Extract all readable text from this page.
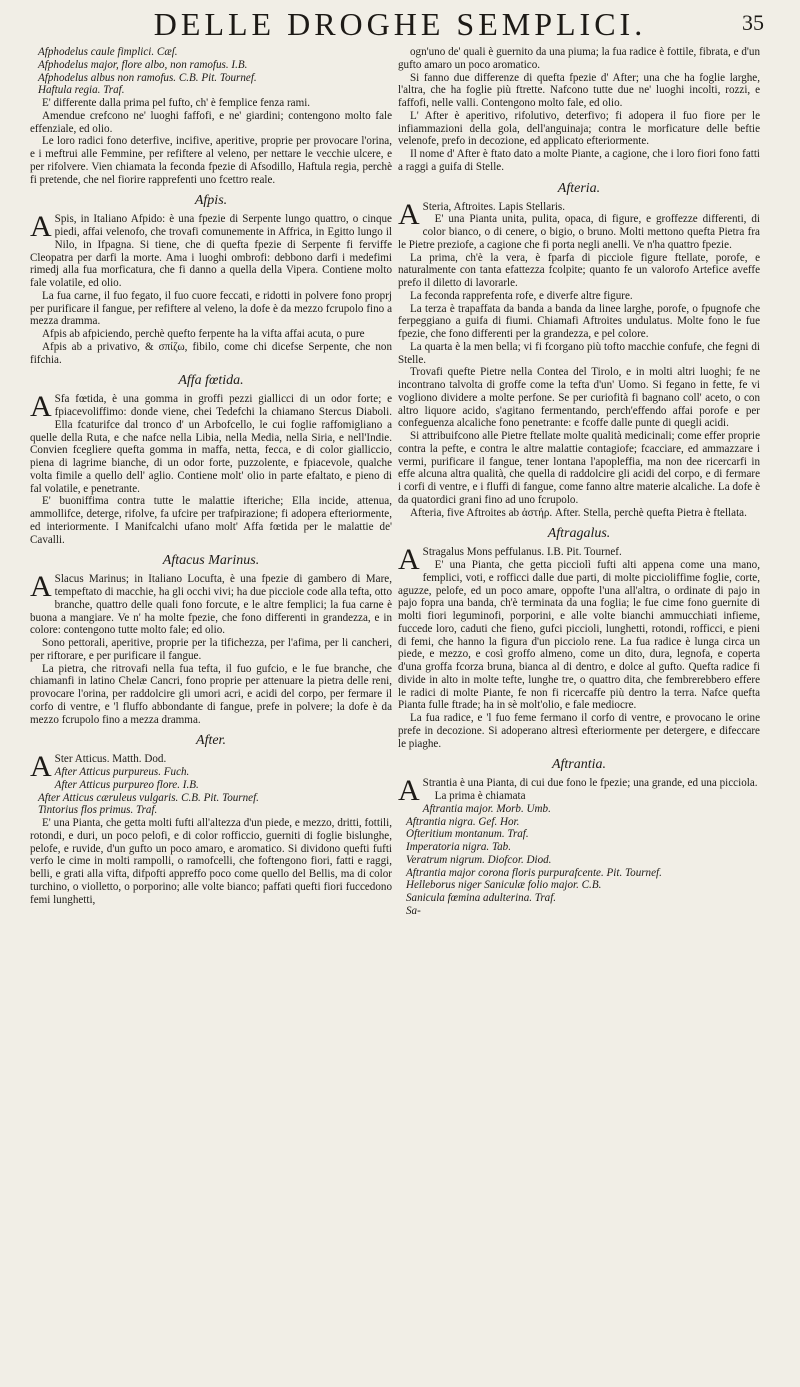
DELLE DROGHE SEMPLICI.	35

Afphodelus caule fimplici. Cæſ.

Afphodelus major, flore albo, non ramofus. I.B.

Afphodelus albus non ramofus. C.B. Pit. Tournef.

Haftula regia. Traf.

E' differente dalla prima pel fufto, ch' è femplice fenza rami.

Amendue crefcono ne' luoghi faffofi, e ne' giardini; contengono molto fale effenziale, ed olio.

Le loro radici fono deterfive, incifive, aperitive, proprie per provocare l'orina, e i meftrui alle Femmine, per refiftere al veleno, per nettare le vecchie ulcere, e per rifolvere. Vien chiamata la feconda fpezie di Afsodillo, Haftula regia, perchè fi pretende, che nel fiorire rapprefenti uno fcettro reale.

Afpis.

ASpis, in Italiano Afpido: è una fpezie di Serpente lungo quattro, o cinque piedi, affai velenofo, che trovafi comunemente in Affrica, in Egitto lungo il Nilo, in Ifpagna. Si tiene, che di quefta fpezie di Serpente fi ferviffe Cleopatra per darfi la morte. Ama i luoghi ombrofi: debbono darfi i medefimi rimedj alla fua morficatura, che fi danno a quella della Vipera. Contiene molto fale volatile, ed olio.

La fua carne, il fuo fegato, il fuo cuore feccati, e ridotti in polvere fono proprj per purificare il fangue, per refiftere al veleno, la dofe è da mezzo fcrupolo fino a mezza dramma.

Afpis ab afpiciendo, perchè quefto ferpente ha la vifta affai acuta, o pure

Afpis ab a privativo, & σπίζω, fibilo, come chi dicefse Serpente, che non fifchia.

Affa fœtida.

ASfa fœtida, è una gomma in groffi pezzi giallicci di un odor forte; e fpiacevoliffimo: donde viene, chei Tedefchi la chiamano Stercus Diaboli. Ella fcaturifce dal tronco d' un Arbofcello, le cui foglie raffomigliano a quelle della Ruta, e che nafce nella Libia, nella Media, nella Siria, e nell'Indie. Convien fcegliere quefta gomma in maffa, netta, fecca, e di color gialliccio, piena di lagrime bianche, di un odor forte, puzzolente, e fpiacevole, qualche volta fimile a quello dell' aglio. Contiene molt' olio in parte efaltato, e pieno di fal volatile, e penetrante.

E' buoniffima contra tutte le malattie ifteriche; Ella incide, attenua, ammollifce, deterge, rifolve, fa ufcire per trafpirazione; fi adopera efteriormente, ed interiormente. I Manifcalchi ufano molt' Affa fœtida per le malattie de' Cavalli.

Aftacus Marinus.

ASlacus Marinus; in Italiano Locufta, è una fpezie di gambero di Mare, tempeftato di macchie, ha gli occhi vivi; ha due picciole code alla tefta, otto branche, quattro delle quali fono forcute, e le altre femplici; la fua carne è buona a mangiare. Ve n' ha molte fpezie, che fono differenti in grandezza, e in colore: contengono tutte molto fale; ed olio.

Sono pettorali, aperitive, proprie per la tifichezza, per l'afima, per li cancheri, per riftorare, e per purificare il fangue.

La pietra, che ritrovafi nella fua tefta, il fuo gufcio, e le fue branche, che chiamanfi in latino Chelæ Cancri, fono proprie per attenuare la pietra delle reni, provocare l'orina, per raddolcire gli umori acri, e acidi del corpo, per fermare il corfo di ventre, e 'l fluffo abbondante di fangue, prefe in polvere; la dofe è da mezzo fcrupolo fino a mezza dramma.

After.

ASter Atticus. Matth. Dod.

After Atticus purpureus. Fuch.

After Atticus purpureo flore. I.B.

After Atticus cæruleus vulgaris. C.B. Pit. Tournef.

Tintorius flos primus. Traf.

E' una Pianta, che getta molti fufti all'altezza d'un piede, e mezzo, dritti, fottili, rotondi, e duri, un poco pelofi, e di color rofficcio, guerniti di foglie bislunghe, pelofe, e ruvide, d'un gufto un poco amaro, e aromatico. Si dividono quefti fufti verfo le cime in molti rampolli, o ramofcelli, che foftengono fiori, fatti e raggi, belli, e grati alla vifta, difpofti appreffo poco come quello del Bellis, ma di color turchino, o violletto, o porporino; alle volte bianco; paffati quefti fiori fuccedono femi lunghetti,

ogn'uno de' quali è guernito da una piuma; la fua radice è fottile, fibrata, e d'un gufto amaro un poco aromatico.

Si fanno due differenze di quefta fpezie d' After; una che ha foglie larghe, l'altra, che ha foglie più ftrette. Nafcono tutte due ne' luoghi incolti, rozzi, e faffofi, nelle valli. Contengono molto fale, ed olio.

L' After è aperitivo, rifolutivo, deterfivo; fi adopera il fuo fiore per le infiammazioni della gola, dell'anguinaja; contra le morficature delle beftie velenofe, prefo in decozione, ed applicato efteriormente.

Il nome d' After è ftato dato a molte Piante, a cagione, che i loro fiori fono fatti a raggi a guifa di Stelle.

Afteria.

ASteria, Aftroites. Lapis Stellaris.

E' una Pianta unita, pulita, opaca, di figure, e groffezze differenti, di color bianco, o di cenere, o bigio, o bruno. Molti mettono quefta Pietra fra le Pietre preziofe, a cagione che fi porta negli anelli. Ve n'ha quattro fpezie.

La prima, ch'è la vera, è fparfa di picciole figure ftellate, porofe, e naturalmente con tanta efattezza fcolpite; quanto fe un valorofo Artefice aveffe prefo il diletto di lavorarle.

La feconda rapprefenta rofe, e diverfe altre figure.

La terza è trapaffata da banda a banda da linee larghe, porofe, o fpugnofe che ferpeggiano a guifa di fiumi. Chiamafi Aftroites undulatus. Molte fono le fue fpezie, che fono differenti per la grandezza, e pel colore.

La quarta è la men bella; vi fi fcorgano più tofto macchie confufe, che fegni di Stelle.

Trovafi quefte Pietre nella Contea del Tirolo, e in molti altri luoghi; fe ne incontrano talvolta di groffe come la tefta d'un' Uomo. Si fegano in fette, fe vi vogliono dividere a molte perfone. Se per curiofità fi bagnano coll' aceto, o con altro liquore acido, s'agitano fermentando, perch'effendo affai porofe e per confeguenza alcaliche fono penetrante: e fcoffe dalle punte di quegli acidi.

Si attribuifcono alle Pietre ftellate molte qualità medicinali; come effer proprie contra la pefte, e contra le altre malattie contagiofe; fcacciare, ed ammazzare i vermi, purificare il fangue, tener lontana l'apopleffia, ma non dee ricercarfi in effe alcuna altra qualità, che quella di raddolcire gli acidi del corpo, e di fermare i corfi di ventre, e i fluffi di fangue, come fanno altre materie alcaliche. La dofe è da quatordici grani fino ad uno fcrupolo.

Afteria, five Aftroites ab ἀστήρ. After. Stella, perchè quefta Pietra è ftellata.

Aftragalus.

AStragalus Mons peffulanus. I.B. Pit. Tournef.

E' una Pianta, che getta picciolì fufti alti appena come una mano, femplici, voti, e rofficci dalle due parti, di molte piccioliffime foglie, corte, aguzze, pelofe, ed un poco amare, oppofte l'una all'altra, o ordinate di pajo in pajo fopra una banda, ch'è terminata da una foglia; le fue cime fono guernite di molti fiori leguminofi, porporini, e alle volte bianchi ammucchiati infieme, fuccede loro, caduti che fieno, gufci piccioli, lunghetti, rotondi, rofficci, e pieni di femi, che hanno la figura d'un picciolo rene. La fua radice è lunga circa un piede, e mezzo, e così groffo almeno, come un dito, dura, legnofa, e coperta d'una groffa fcorza bruna, bianca al di dentro, e dolce al gufto. Quefta radice fi divide in alto in molte tefte, lunghe tre, o quattro dita, che fembrerebbero effere le radici di molte Piante, fe non fi ricercaffe più dentro la terra. Nafce quefta Pianta fulle ftrade; ha in sè molt'olio, e fale mediocre.

La fua radice, e 'l fuo feme fermano il corfo di ventre, e provocano le orine prefe in decozione. Si adoperano altresì efteriormente per detergere, e difeccare le piaghe.

Aftrantia.

AStrantia è una Pianta, di cui due fono le fpezie; una grande, ed una picciola.

La prima è chiamata

Aftrantia major. Morb. Umb.

Aftrantia nigra. Gef. Hor.

Ofteritium montanum. Traf.

Imperatoria nigra. Tab.

Veratrum nigrum. Diofcor. Diod.

Aftrantia major corona floris purpurafcente. Pit. Tournef.

Helleborus niger Saniculæ folio major. C.B.

Sanicula fœmina adulterina. Traf.

Sa-
